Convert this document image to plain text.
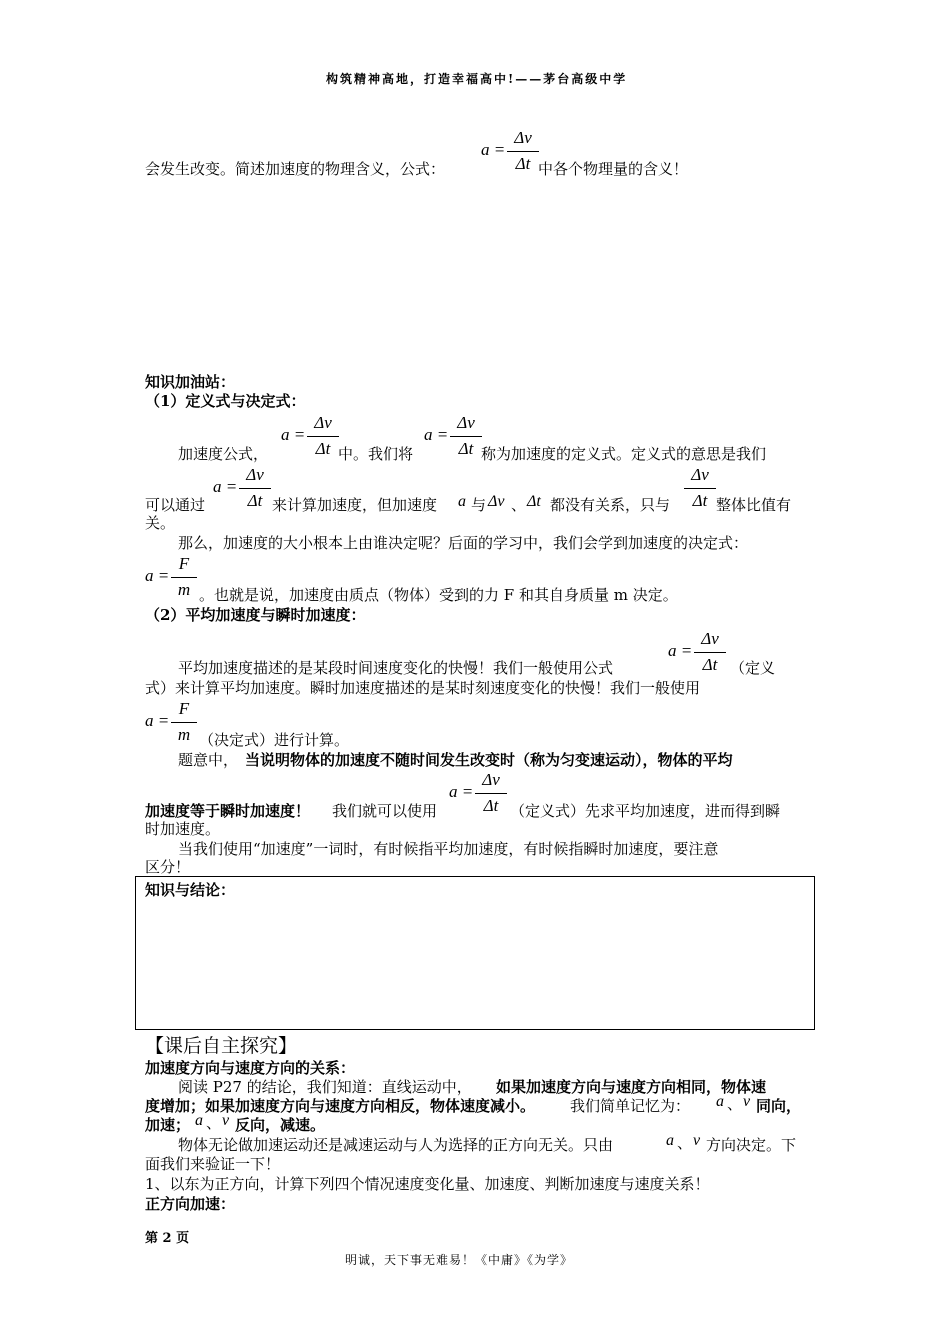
构筑精神高地，打造幸福高中!——茅台高级中学
a =
Δv
Δt
会发生改变。简述加速度的物理含义，公式：	中各个物理量的含义！
知识加油站：
（1）定义式与决定式：
加速度公式，
a =
Δv
Δt 中。我们将
a =
Δv
Δt 称为加速度的定义式。定义式的意思是我们
可以通过
a =
Δv
Δt 来计算加速度，但加速度 a 与 Δv 、 Δt 都没有关系，只与
Δv
Δt 整体比值有
关。
那么，加速度的大小根本上由谁决定呢？后面的学习中，我们会学到加速度的决定式：
a =
F
m 。也就是说，加速度由质点（物体）受到的力 F 和其自身质量 m 决定。
（2）平均加速度与瞬时加速度：
a =
Δv
Δt
平均加速度描述的是某段时间速度变化的快慢！我们一般使用公式	（定义
式）来计算平均加速度。瞬时加速度描述的是某时刻速度变化的快慢！我们一般使用
a =
F
m （决定式）进行计算。
题意中， 当说明物体的加速度不随时间发生改变时（称为匀变速运动），物体的平均
a =
Δv
Δt
加速度等于瞬时加速度！ 我们就可以使用	（定义式）先求平均加速度，进而得到瞬
时加速度。
当我们使用“加速度”一词时，有时候指平均加速度，有时候指瞬时加速度，要注意
区分！
知识与结论：
【课后自主探究】
加速度方向与速度方向的关系：
阅读 P27 的结论，我们知道：直线运动中， 如果加速度方向与速度方向相同，物体速
度增加；如果加速度方向与速度方向相反，物体速度减小。 我们简单记忆为： a 、 v 同向，
加速； a 、 v 反向，减速。
物体无论做加速运动还是减速运动与人为选择的正方向无关。只由	a 、 v 方向决定。下
面我们来验证一下！
1、以东为正方向，计算下列四个情况速度变化量、加速度、判断加速度与速度关系！
正方向加速：
第 2 页
明诚，天下事无难易！《中庸》《为学》
